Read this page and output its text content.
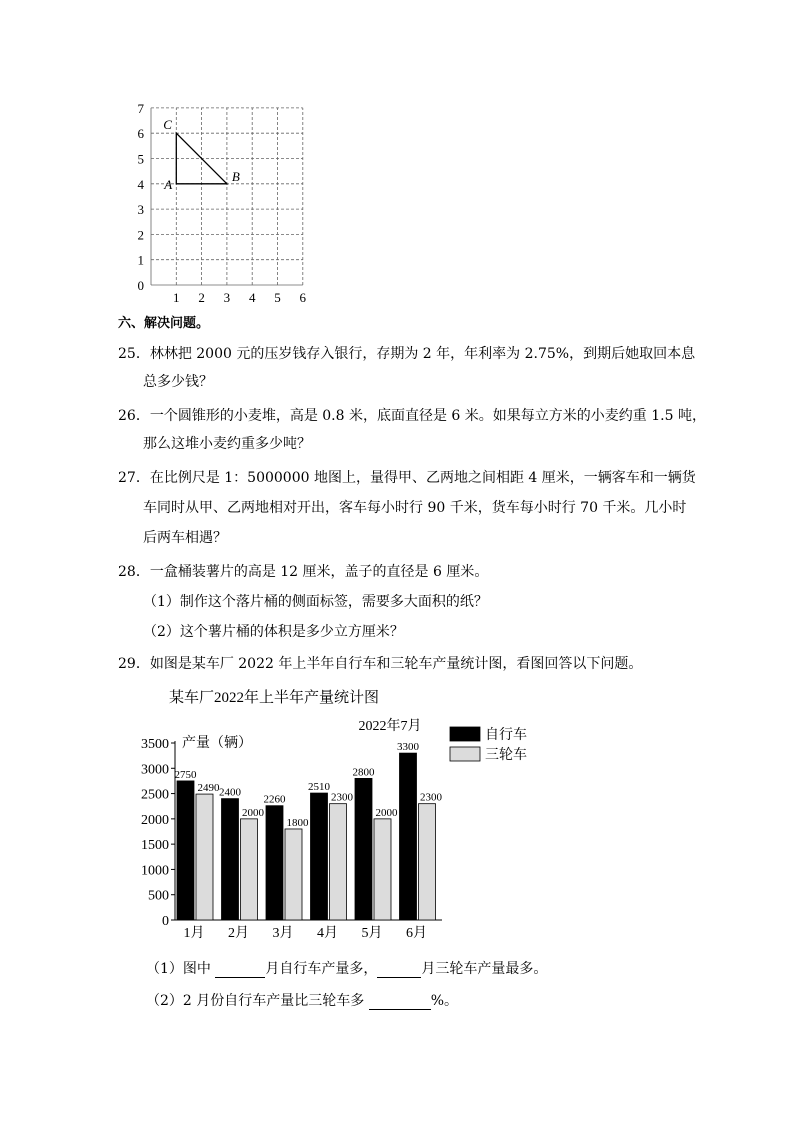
0
1
2
3
4
5
6
7
1 2 3 4 5 6
A
B
C
六、解决问题。
25．林林把 2000 元的压岁钱存入银行，存期为 2 年，年利率为 2.75%，到期后她取回本息
总多少钱？
26．一个圆锥形的小麦堆，高是 0.8 米，底面直径是 6 米。如果每立方米的小麦约重 1.5 吨，
那么这堆小麦约重多少吨？
27．在比例尺是 1：5000000 地图上，量得甲、乙两地之间相距 4 厘米，一辆客车和一辆货
车同时从甲、乙两地相对开出，客车每小时行 90 千米，货车每小时行 70 千米。几小时
后两车相遇？
28．一盒桶装薯片的高是 12 厘米，盖子的直径是 6 厘米。
（1）制作这个落片桶的侧面标签，需要多大面积的纸？
（2）这个薯片桶的体积是多少立方厘米？
29．如图是某车厂 2022 年上半年自行车和三轮车产量统计图，看图回答以下问题。
某车厂2022年上半年产量统计图
2022年7月
产量（辆）
0
500
1000
1500
2000
2500
3000
3500
2750
2490
1月
2400
2000
2月
2260
1800
3月
2510
2300
4月
2800
2000
5月
3300
2300
6月
自行车
三轮车
（1）图中	月自行车产量多，	月三轮车产量最多。
（2）2 月份自行车产量比三轮车多	%。
